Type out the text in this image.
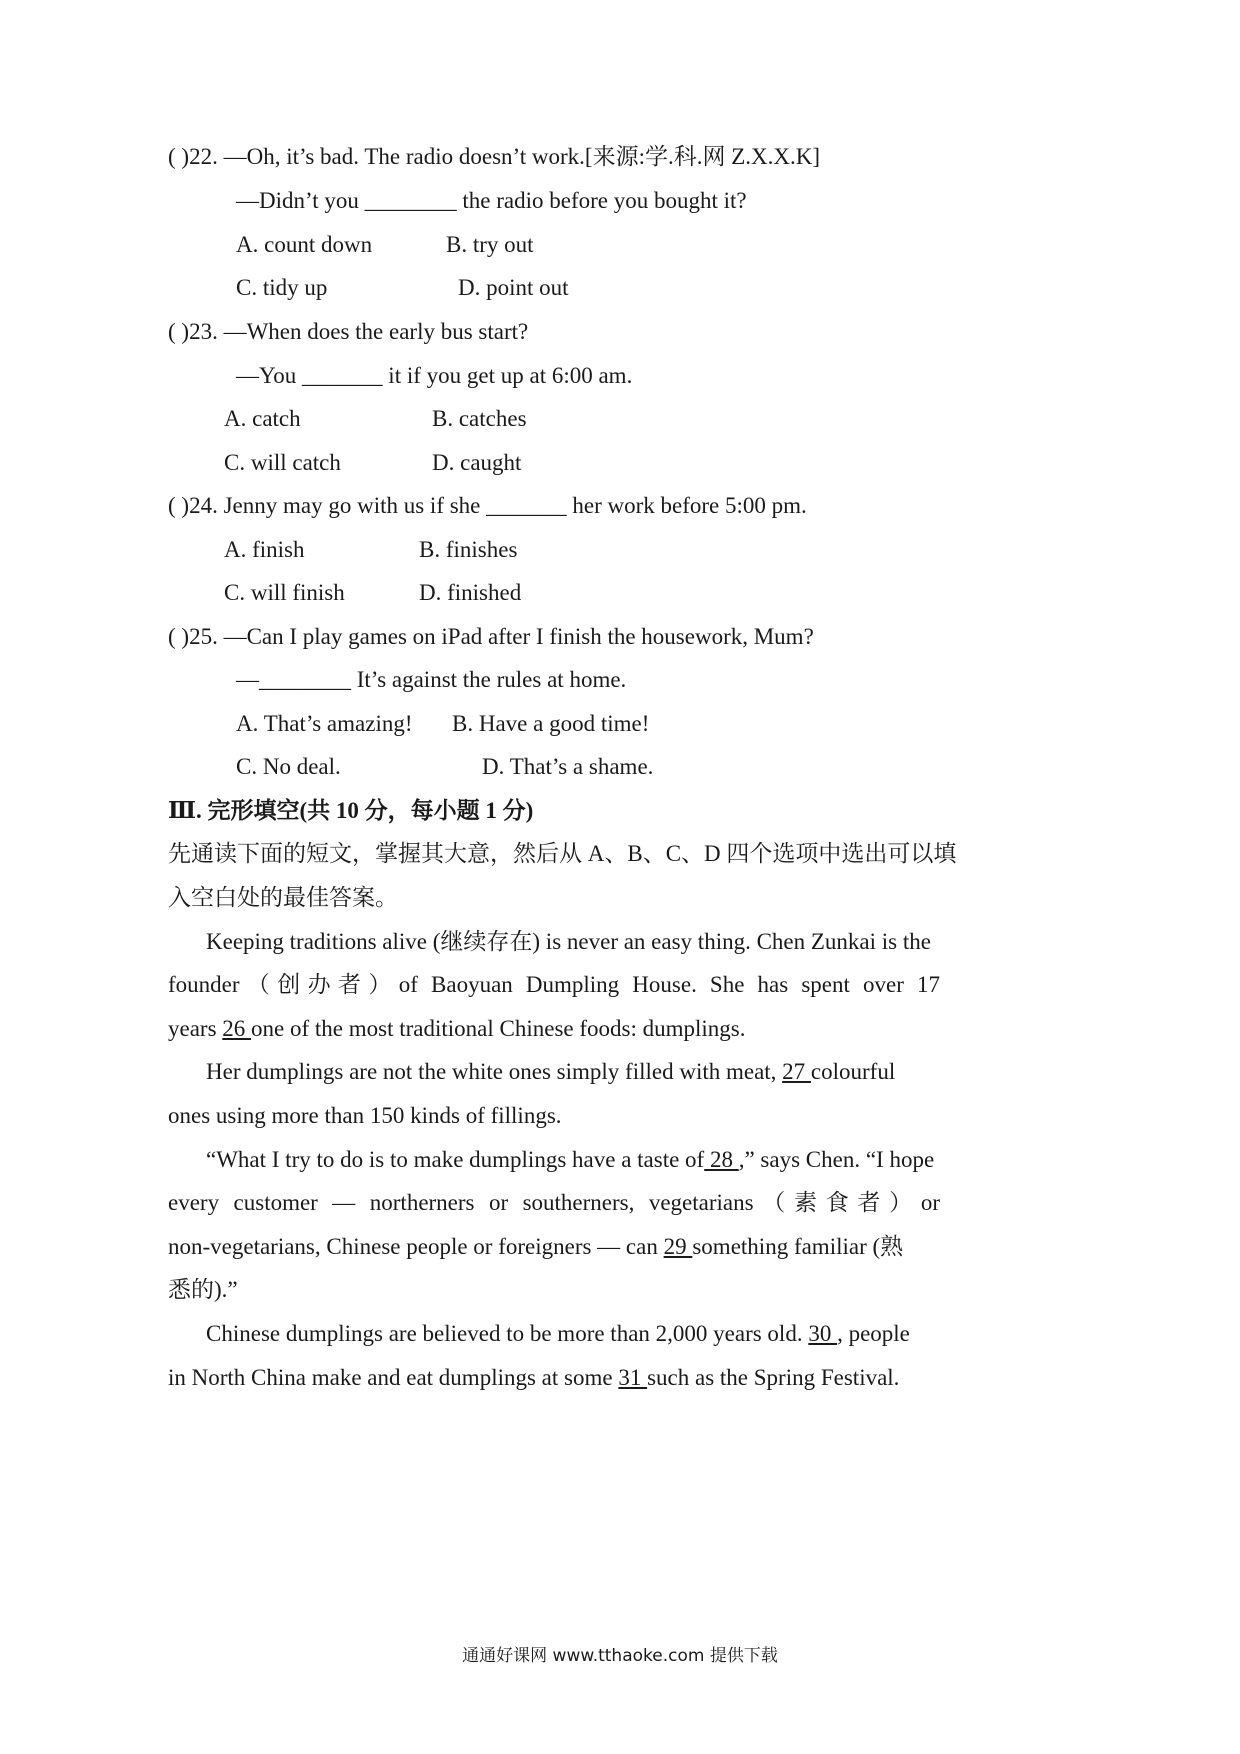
( )22. —Oh, it’s bad. The radio doesn’t work.[来源:学.科.网 Z.X.X.K]
—Didn’t you ________ the radio before you bought it?
A. count down	B. try out
C. tidy up	D. point out
( )23. —When does the early bus start?
—You _______ it if you get up at 6:00 am.
A. catch	B. catches
C. will catch	D. caught
( )24. Jenny may go with us if she _______ her work before 5:00 pm.
A. finish	B. finishes
C. will finish	D. finished
( )25. —Can I play games on iPad after I finish the housework, Mum?
—________ It’s against the rules at home.
A. That’s amazing! B. Have a good time!
C. No deal.	D. That’s a shame.
Ⅲ. 完形填空(共 10 分，每小题 1 分)
先通读下面的短文，掌握其大意，然后从 A、B、C、D 四个选项中选出可以填
入空白处的最佳答案。
Keeping traditions alive (继续存在) is never an easy thing. Chen Zunkai is the
founder（创办者）of Baoyuan Dumpling House. She has spent over 17
years 26 one of the most traditional Chinese foods: dumplings.
Her dumplings are not the white ones simply filled with meat, 27 colourful
ones using more than 150 kinds of fillings.
“What I try to do is to make dumplings have a taste of 28 ,” says Chen. “I hope
every customer — northerners or southerners, vegetarians（素食者）or
non-vegetarians, Chinese people or foreigners — can 29 something familiar (熟
悉的).”
Chinese dumplings are believed to be more than 2,000 years old. 30 , people
in North China make and eat dumplings at some 31 such as the Spring Festival.
通通好课网 www.tthaoke.com 提供下载
